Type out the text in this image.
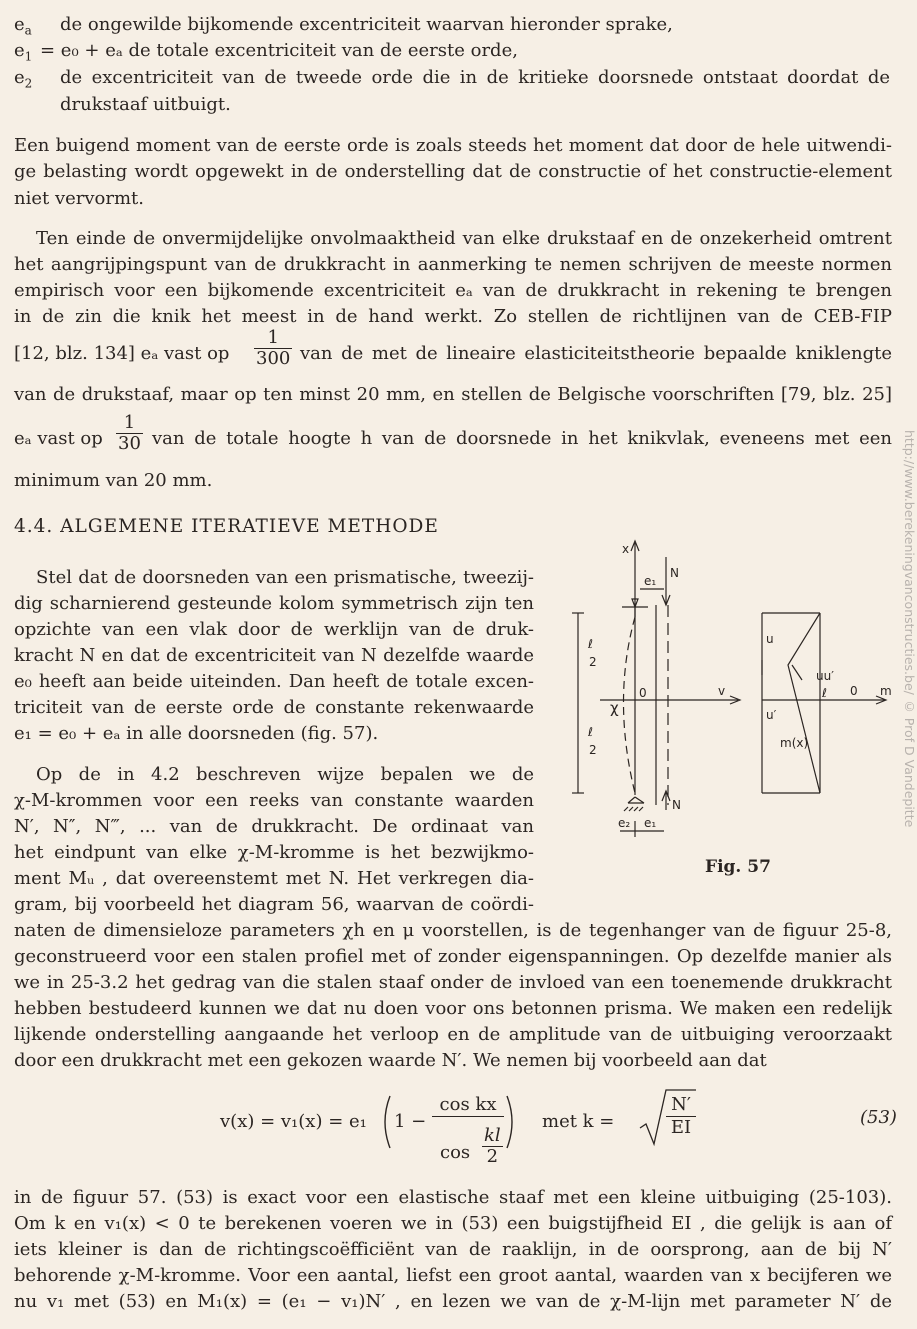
$e_a$ de ongewilde bijkomende excentriciteit waarvan hieronder sprake,
$e_1 = e_0 + e_a$ de totale excentriciteit van de eerste orde,
$e_2$ de excentriciteit van de tweede orde die in de kritieke doorsnede ontstaat doordat de
drukstaaf uitbuigt.
Een buigend moment van de eerste orde is zoals steeds het moment dat door de hele uitwendi-
ge belasting wordt opgewekt in de onderstelling dat de constructie of het constructie-element
niet vervormt.
Ten einde de onvermijdelijke onvolmaaktheid van elke drukstaaf en de onzekerheid omtrent
het aangrijpingspunt van de drukkracht in aanmerking te nemen schrijven de meeste normen
empirisch voor een bijkomende excentriciteit eₐ van de drukkracht in rekening te brengen
in de zin die knik het meest in de hand werkt. Zo stellen de richtlijnen van de CEB-FIP
[12, blz. 134] eₐ vast op $\frac{1}{300}$ van de met de lineaire elasticiteitstheorie bepaalde kniklengte
van de drukstaaf, maar op ten minst 20 mm, en stellen de Belgische voorschriften [79, blz. 25]
eₐ vast op $\frac{1}{30}$ van de totale hoogte h van de doorsnede in het knikvlak, eveneens met een
minimum van 20 mm.
4.4. ALGEMENE ITERATIEVE METHODE
Stel dat de doorsneden van een prismatische, tweezij-
dig scharnierend gesteunde kolom symmetrisch zijn ten
opzichte van een vlak door de werklijn van de druk-
kracht N en dat de excentriciteit van N dezelfde waarde
e₀ heeft aan beide uiteinden. Dan heeft de totale excen-
triciteit van de eerste orde de constante rekenwaarde
e₁ = e₀ + eₐ in alle doorsneden (fig. 57).
Op de in 4.2 beschreven wijze bepalen we de
χ-M-krommen voor een reeks van constante waarden
N′, N″, N‴, ... van de drukkracht. De ordinaat van
het eindpunt van elke χ-M-kromme is het bezwijkmo-
ment Mᵤ , dat overeenstemt met N. Het verkregen dia-
gram, bij voorbeeld het diagram 56, waarvan de coördi-
naten de dimensieloze parameters χh en μ voorstellen, is de tegenhanger van de figuur 25-8,
geconstrueerd voor een stalen profiel met of zonder eigenspanningen. Op dezelfde manier als
we in 25-3.2 het gedrag van die stalen staaf onder de invloed van een toenemende drukkracht
hebben bestudeerd kunnen we dat nu doen voor ons betonnen prisma. We maken een redelijk
lijkende onderstelling aangaande het verloop en de amplitude van de uitbuiging veroorzaakt
door een drukkracht met een gekozen waarde N′. We nemen bij voorbeeld aan dat
v(x) = v₁(x) = e₁ 1 −
cos kx
$\cos \frac{kl}{2}$
met k =	$\frac{N'}{EI}$	(53)
in de figuur 57. (53) is exact voor een elastische staaf met een kleine uitbuiging (25-103).
Om k en v₁(x) < 0 te berekenen voeren we in (53) een buigstijfheid EI , die gelijk is aan of
iets kleiner is dan de richtingscoëfficiënt van de raaklijn, in de oorsprong, aan de bij N′
behorende χ-M-kromme. Voor een aantal, liefst een groot aantal, waarden van x becijferen we
nu v₁ met (53) en M₁(x) = (e₁ − v₁)N′ , en lezen we van de χ-M-lijn met parameter N′ de
x
N
e₁
ℓ
2
ℓ
2
χ
0	v
N
e₂ e₁
u
u′
uu′
ℓ 0 m
m(x)
Fig. 57
http://www.berekeningvanconstructies.be/ © Prof D Vandepitte
